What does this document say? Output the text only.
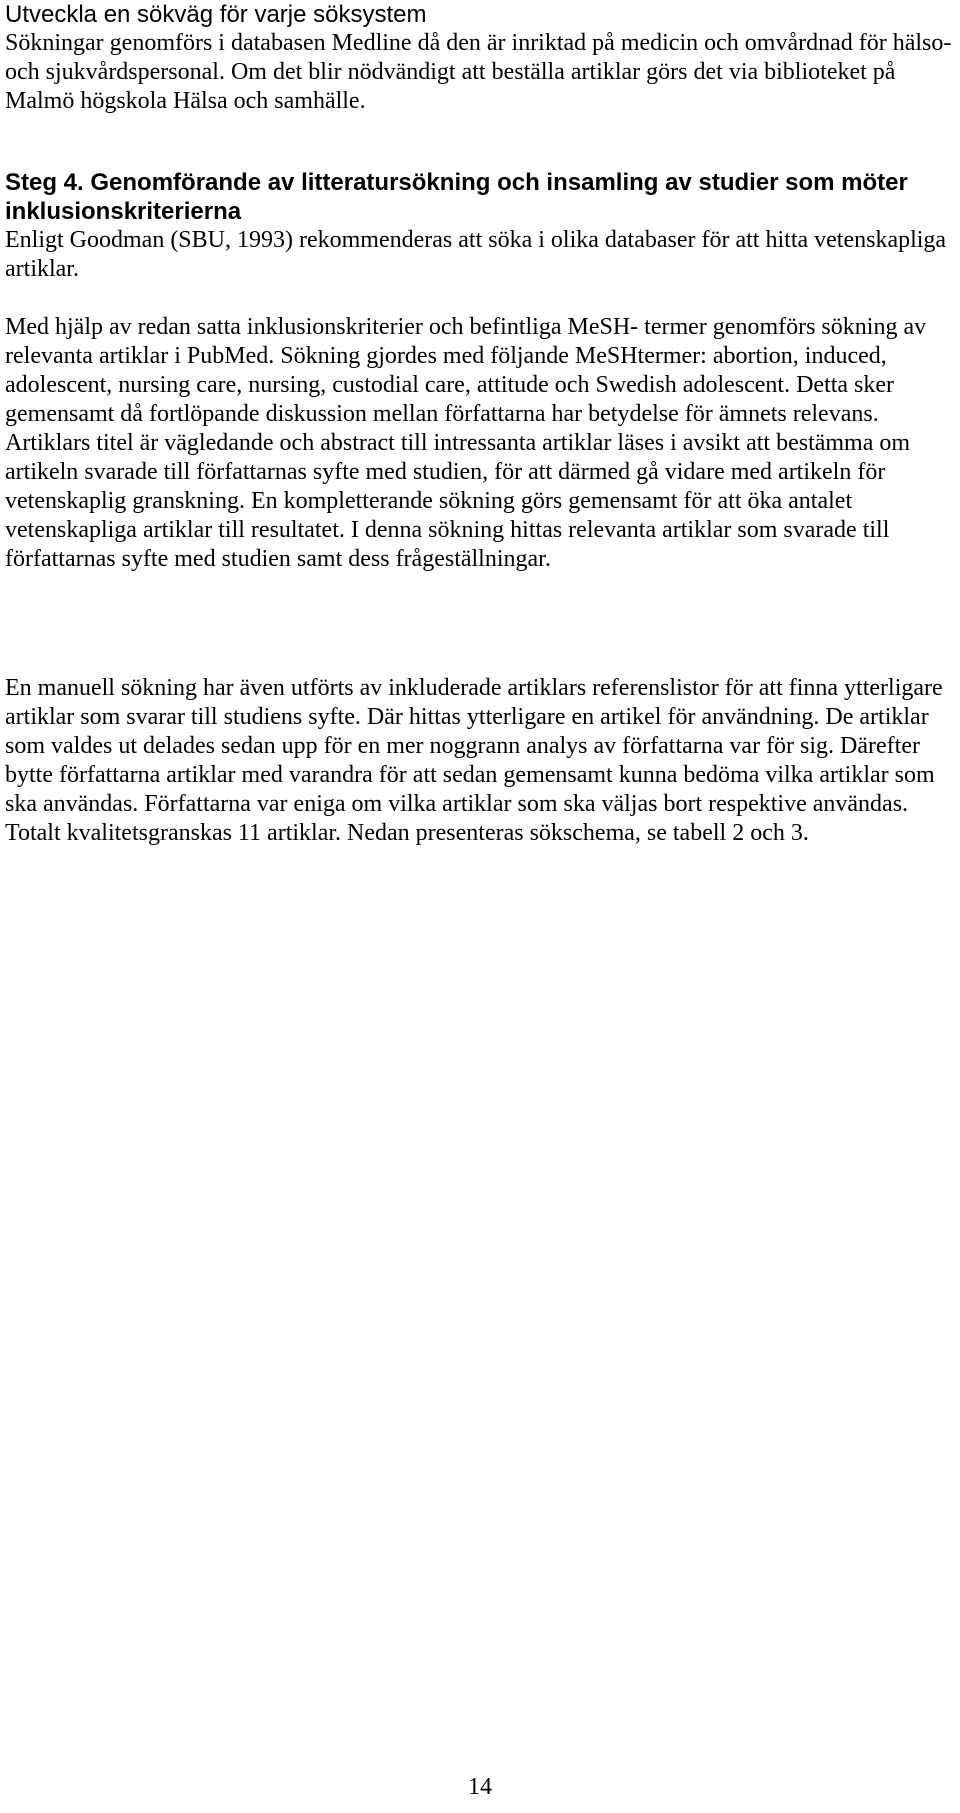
Utveckla en sökväg för varje söksystem

Sökningar genomförs i databasen Medline då den är inriktad på medicin och omvårdnad för hälso- och sjukvårdspersonal. Om det blir nödvändigt att beställa artiklar görs det via biblioteket på Malmö högskola Hälsa och samhälle.

Steg 4. Genomförande av litteratursökning och insamling av studier som möter inklusionskriterierna

Enligt Goodman (SBU, 1993) rekommenderas att söka i olika databaser för att hitta vetenskapliga artiklar.

Med hjälp av redan satta inklusionskriterier och befintliga MeSH- termer genomförs sökning av relevanta artiklar i PubMed. Sökning gjordes med följande MeSHtermer: abortion, induced, adolescent, nursing care, nursing, custodial care, attitude och Swedish adolescent. Detta sker gemensamt då fortlöpande diskussion mellan författarna har betydelse för ämnets relevans. Artiklars titel är vägledande och abstract till intressanta artiklar läses i avsikt att bestämma om artikeln svarade till författarnas syfte med studien, för att därmed gå vidare med artikeln för vetenskaplig granskning. En kompletterande sökning görs gemensamt för att öka antalet vetenskapliga artiklar till resultatet. I denna sökning hittas relevanta artiklar som svarade till författarnas syfte med studien samt dess frågeställningar.

En manuell sökning har även utförts av inkluderade artiklars referenslistor för att finna ytterligare artiklar som svarar till studiens syfte. Där hittas ytterligare en artikel för användning. De artiklar som valdes ut delades sedan upp för en mer noggrann analys av författarna var för sig. Därefter bytte författarna artiklar med varandra för att sedan gemensamt kunna bedöma vilka artiklar som ska användas. Författarna var eniga om vilka artiklar som ska väljas bort respektive användas. Totalt kvalitetsgranskas 11 artiklar. Nedan presenteras sökschema, se tabell 2 och 3.

14
